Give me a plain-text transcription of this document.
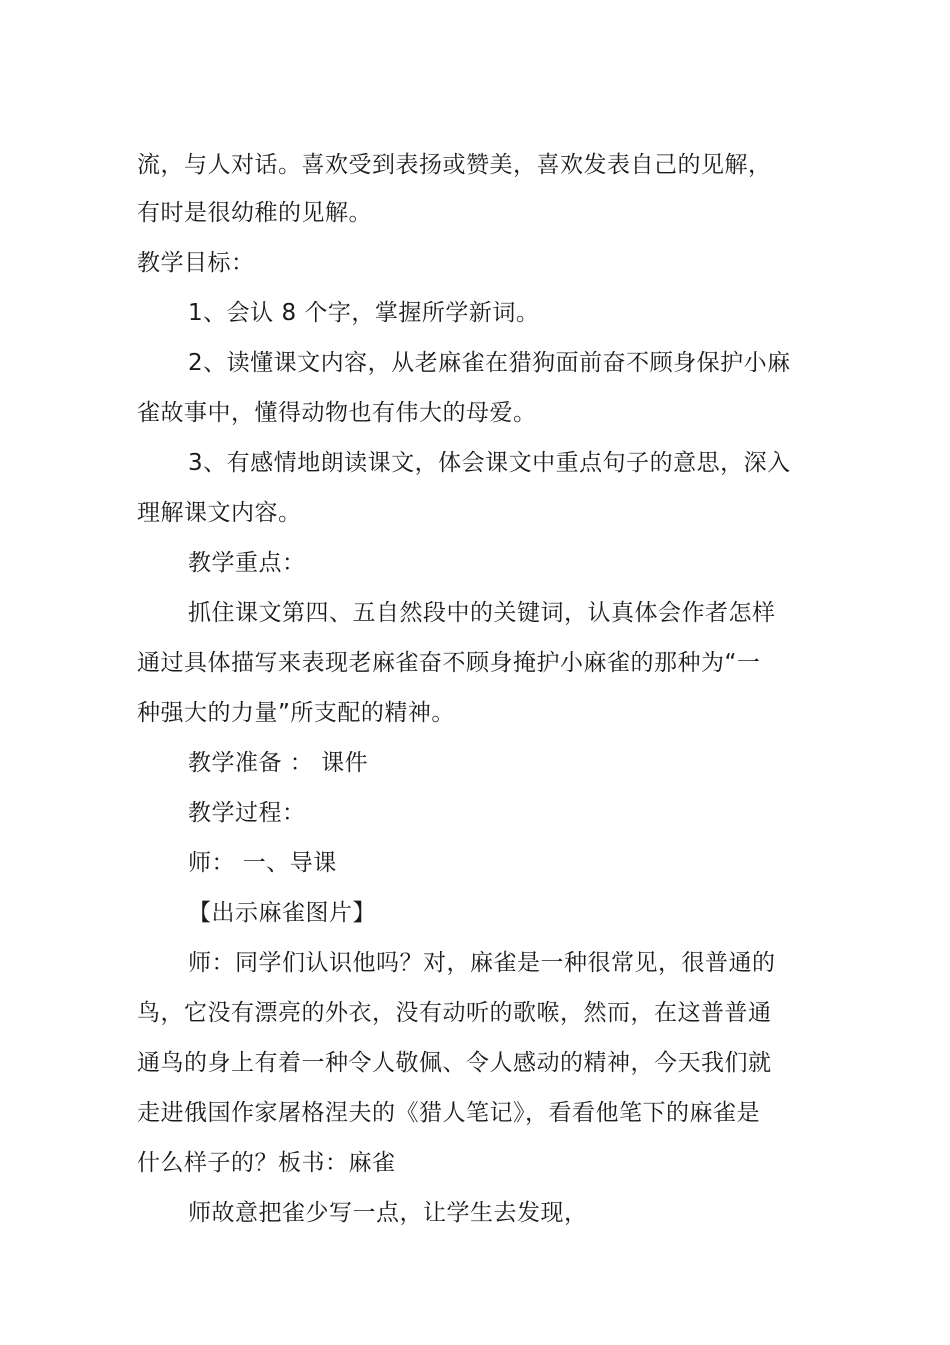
流，与人对话。喜欢受到表扬或赞美，喜欢发表自己的见解，
有时是很幼稚的见解。
教学目标：
1、会认 8 个字，掌握所学新词。
2、读懂课文内容，从老麻雀在猎狗面前奋不顾身保护小麻
雀故事中，懂得动物也有伟大的母爱。
3、有感情地朗读课文，体会课文中重点句子的意思，深入
理解课文内容。
教学重点：
抓住课文第四、五自然段中的关键词，认真体会作者怎样
通过具体描写来表现老麻雀奋不顾身掩护小麻雀的那种为“一
种强大的力量”所支配的精神。
教学准备 ： 课件
教学过程：
师： 一、导课
【出示麻雀图片】
师：同学们认识他吗？对，麻雀是一种很常见，很普通的
鸟，它没有漂亮的外衣，没有动听的歌喉，然而，在这普普通
通鸟的身上有着一种令人敬佩、令人感动的精神，今天我们就
走进俄国作家屠格涅夫的《猎人笔记》，看看他笔下的麻雀是
什么样子的？板书：麻雀
师故意把雀少写一点，让学生去发现，
